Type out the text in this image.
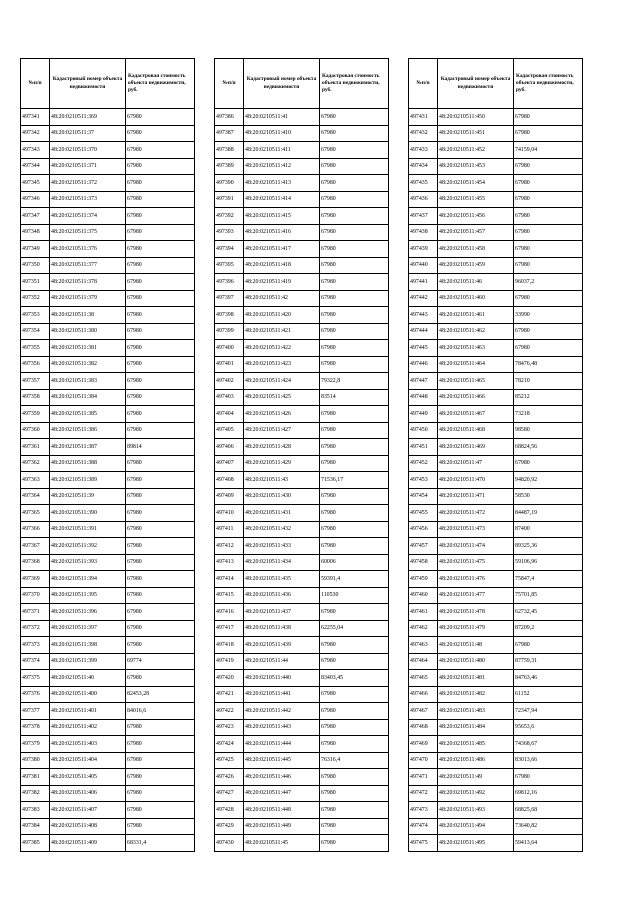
№п/п	Кадастровый номер объекта недвижимости	Кадастровая стоимость объекта недвижимости, руб.
497341	48:20:0210511:369	67980
497342	48:20:0210511:37	67980
497343	48:20:0210511:370	67980
497344	48:20:0210511:371	67980
497345	48:20:0210511:372	67980
497346	48:20:0210511:373	67980
497347	48:20:0210511:374	67980
497348	48:20:0210511:375	67980
497349	48:20:0210511:376	67980
497350	48:20:0210511:377	67980
497351	48:20:0210511:378	67980
497352	48:20:0210511:379	67980
497353	48:20:0210511:38	67980
497354	48:20:0210511:380	67980
497355	48:20:0210511:381	67980
497356	48:20:0210511:382	67980
497357	48:20:0210511:383	67980
497358	48:20:0210511:384	67980
497359	48:20:0210511:385	67980
497360	48:20:0210511:386	67980
497361	48:20:0210511:387	89814
497362	48:20:0210511:388	67980
497363	48:20:0210511:389	67980
497364	48:20:0210511:39	67980
497365	48:20:0210511:390	67980
497366	48:20:0210511:391	67980
497367	48:20:0210511:392	67980
497368	48:20:0210511:393	67980
497369	48:20:0210511:394	67980
497370	48:20:0210511:395	67980
497371	48:20:0210511:396	67980
497372	48:20:0210511:397	67980
497373	48:20:0210511:398	67980
497374	48:20:0210511:399	69774
497375	48:20:0210511:40	67980
497376	48:20:0210511:400	82453,28
497377	48:20:0210511:401	84016,6
497378	48:20:0210511:402	67980
497379	48:20:0210511:403	67980
497380	48:20:0210511:404	67980
497381	48:20:0210511:405	67980
497382	48:20:0210511:406	67980
497383	48:20:0210511:407	67980
497384	48:20:0210511:408	67980
497385	48:20:0210511:409	68331,4
№п/п	Кадастровый номер объекта недвижимости	Кадастровая стоимость объекта недвижимости, руб.
497386	48:20:0210511:41	67980
497387	48:20:0210511:410	67980
497388	48:20:0210511:411	67980
497389	48:20:0210511:412	67980
497390	48:20:0210511:413	67980
497391	48:20:0210511:414	67980
497392	48:20:0210511:415	67980
497393	48:20:0210511:416	67980
497394	48:20:0210511:417	67980
497395	48:20:0210511:418	67980
497396	48:20:0210511:419	67980
497397	48:20:0210511:42	67980
497398	48:20:0210511:420	67980
497399	48:20:0210511:421	67980
497400	48:20:0210511:422	67980
497401	48:20:0210511:423	67980
497402	48:20:0210511:424	79322,8
497403	48:20:0210511:425	83514
497404	48:20:0210511:426	67980
497405	48:20:0210511:427	67980
497406	48:20:0210511:428	67980
497407	48:20:0210511:429	67980
497408	48:20:0210511:43	71536,17
497409	48:20:0210511:430	67980
497410	48:20:0210511:431	67980
497411	48:20:0210511:432	67980
497412	48:20:0210511:433	67980
497413	48:20:0210511:434	60006
497414	48:20:0210511:435	59391,4
497415	48:20:0210511:436	110530
497416	48:20:0210511:437	67980
497417	48:20:0210511:438	62255,04
497418	48:20:0210511:439	67980
497419	48:20:0210511:44	67980
497420	48:20:0210511:440	83403,45
497421	48:20:0210511:441	67980
497422	48:20:0210511:442	67980
497423	48:20:0210511:443	67980
497424	48:20:0210511:444	67980
497425	48:20:0210511:445	76316,4
497426	48:20:0210511:446	67980
497427	48:20:0210511:447	67980
497428	48:20:0210511:448	67980
497429	48:20:0210511:449	67980
497430	48:20:0210511:45	67980
№п/п	Кадастровый номер объекта недвижимости	Кадастровая стоимость объекта недвижимости, руб.
497431	48:20:0210511:450	67980
497432	48:20:0210511:451	67980
497433	48:20:0210511:452	74159,04
497434	48:20:0210511:453	67980
497435	48:20:0210511:454	67980
497436	48:20:0210511:455	67980
497437	48:20:0210511:456	67980
497438	48:20:0210511:457	67980
497439	48:20:0210511:458	67980
497440	48:20:0210511:459	67980
497441	48:20:0210511:46	96037,2
497442	48:20:0210511:460	67980
497443	48:20:0210511:461	33990
497444	48:20:0210511:462	67980
497445	48:20:0210511:463	67980
497446	48:20:0210511:464	78476,48
497447	48:20:0210511:465	78210
497448	48:20:0210511:466	85212
497449	48:20:0210511:467	73218
497450	48:20:0210511:468	98580
497451	48:20:0210511:469	68824,56
497452	48:20:0210511:47	67980
497453	48:20:0210511:470	94820,92
497454	48:20:0210511:471	58530
497455	48:20:0210511:472	84487,19
497456	48:20:0210511:473	87400
497457	48:20:0210511:474	89325,36
497458	48:20:0210511:475	59106,96
497459	48:20:0210511:476	75847,4
497460	48:20:0210511:477	75701,85
497461	48:20:0210511:478	62732,45
497462	48:20:0210511:479	87209,2
497463	48:20:0210511:48	67980
497464	48:20:0210511:480	87759,31
497465	48:20:0210511:481	84763,46
497466	48:20:0210511:482	61152
497467	48:20:0210511:483	72347,94
497468	48:20:0210511:484	95653,6
497469	48:20:0210511:485	74368,67
497470	48:20:0210511:486	83013,66
497471	48:20:0210511:49	67980
497472	48:20:0210511:492	69812,16
497473	48:20:0210511:493	68825,68
497474	48:20:0210511:494	73640,82
497475	48:20:0210511:495	59413,64
